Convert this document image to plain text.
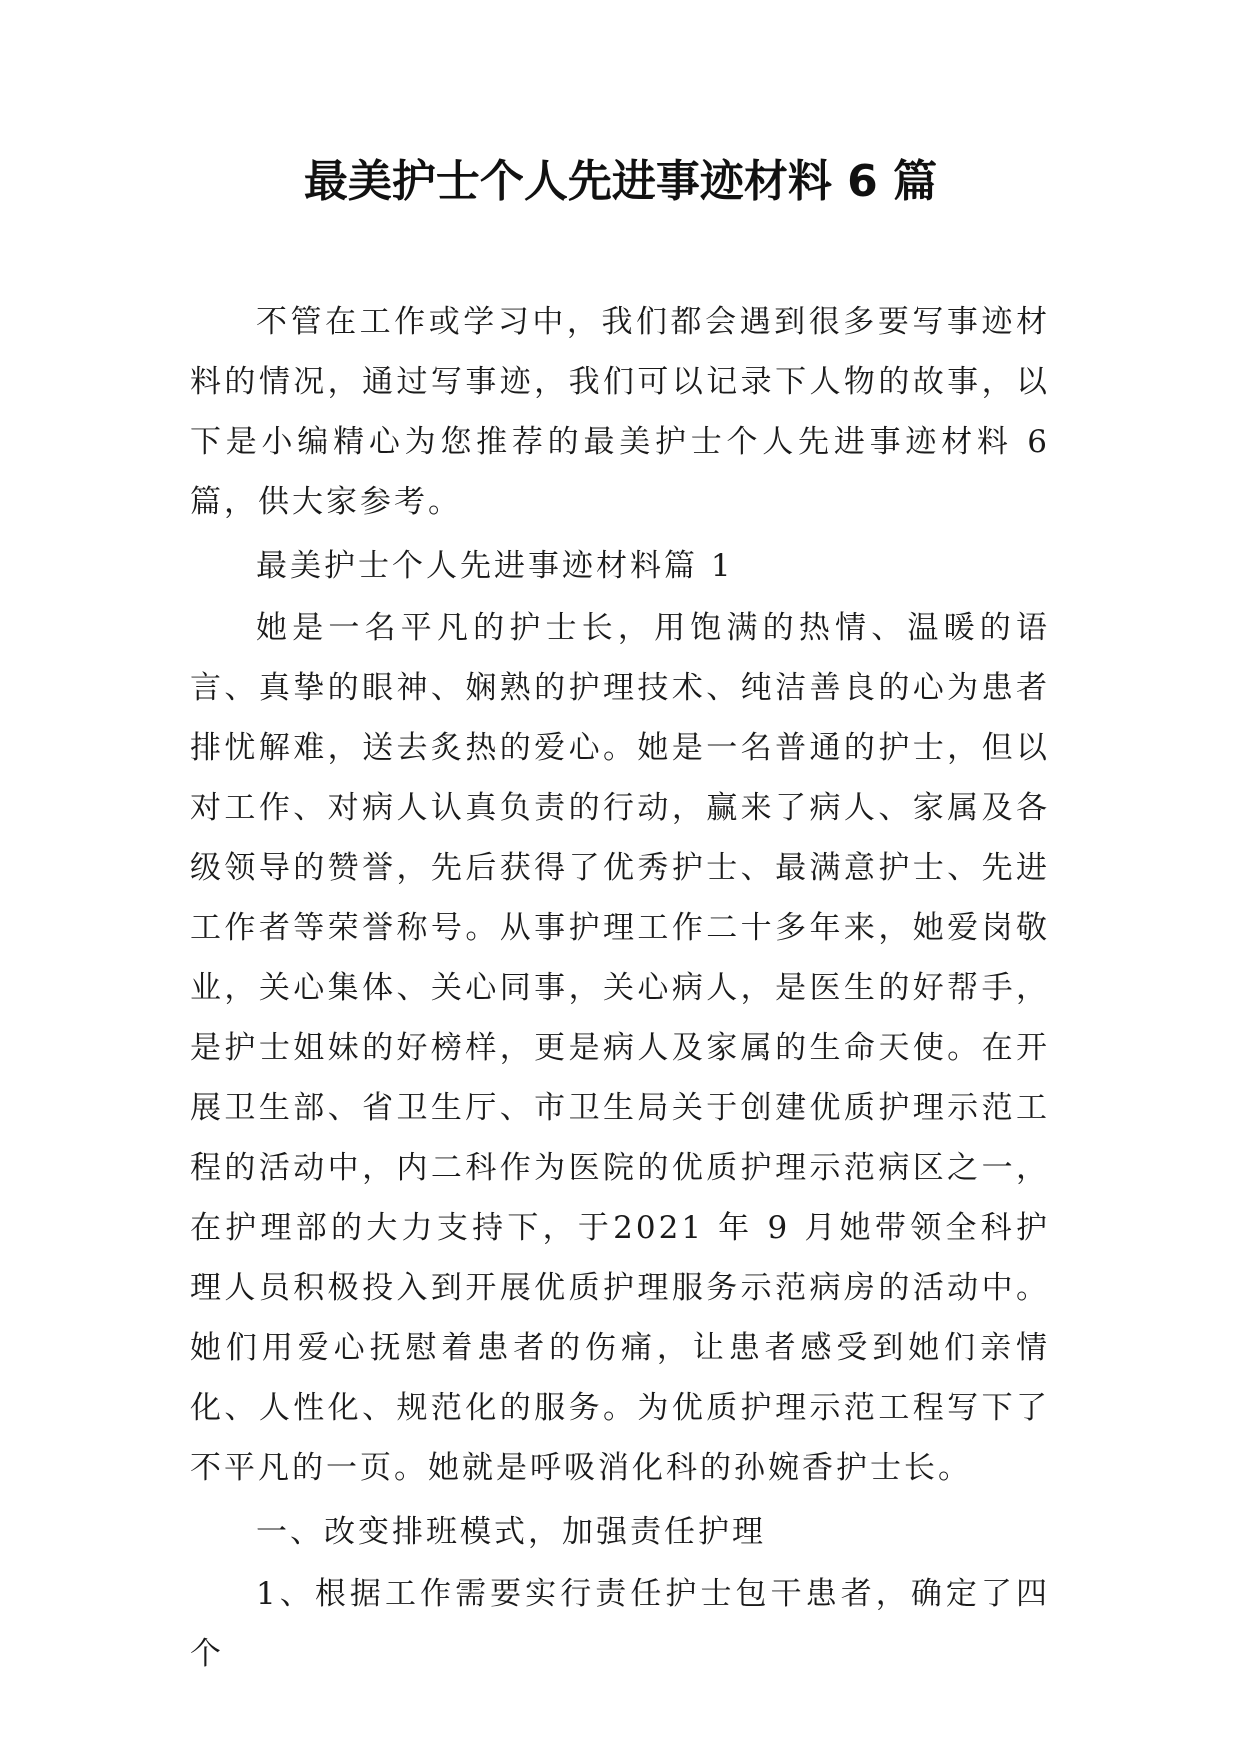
最美护士个人先进事迹材料 6 篇

不管在工作或学习中，我们都会遇到很多要写事迹材料的情况，通过写事迹，我们可以记录下人物的故事，以下是小编精心为您推荐的最美护士个人先进事迹材料 6 篇，供大家参考。

最美护士个人先进事迹材料篇 1

她是一名平凡的护士长，用饱满的热情、温暖的语言、真挚的眼神、娴熟的护理技术、纯洁善良的心为患者排忧解难，送去炙热的爱心。她是一名普通的护士，但以对工作、对病人认真负责的行动，赢来了病人、家属及各级领导的赞誉，先后获得了优秀护士、最满意护士、先进工作者等荣誉称号。从事护理工作二十多年来，她爱岗敬业，关心集体、关心同事，关心病人，是医生的好帮手，是护士姐妹的好榜样，更是病人及家属的生命天使。在开展卫生部、省卫生厅、市卫生局关于创建优质护理示范工程的活动中，内二科作为医院的优质护理示范病区之一，在护理部的大力支持下，于2021 年 9 月她带领全科护理人员积极投入到开展优质护理服务示范病房的活动中。她们用爱心抚慰着患者的伤痛，让患者感受到她们亲情化、人性化、规范化的服务。为优质护理示范工程写下了不平凡的一页。她就是呼吸消化科的孙婉香护士长。

一、改变排班模式，加强责任护理

1、根据工作需要实行责任护士包干患者，确定了四个
